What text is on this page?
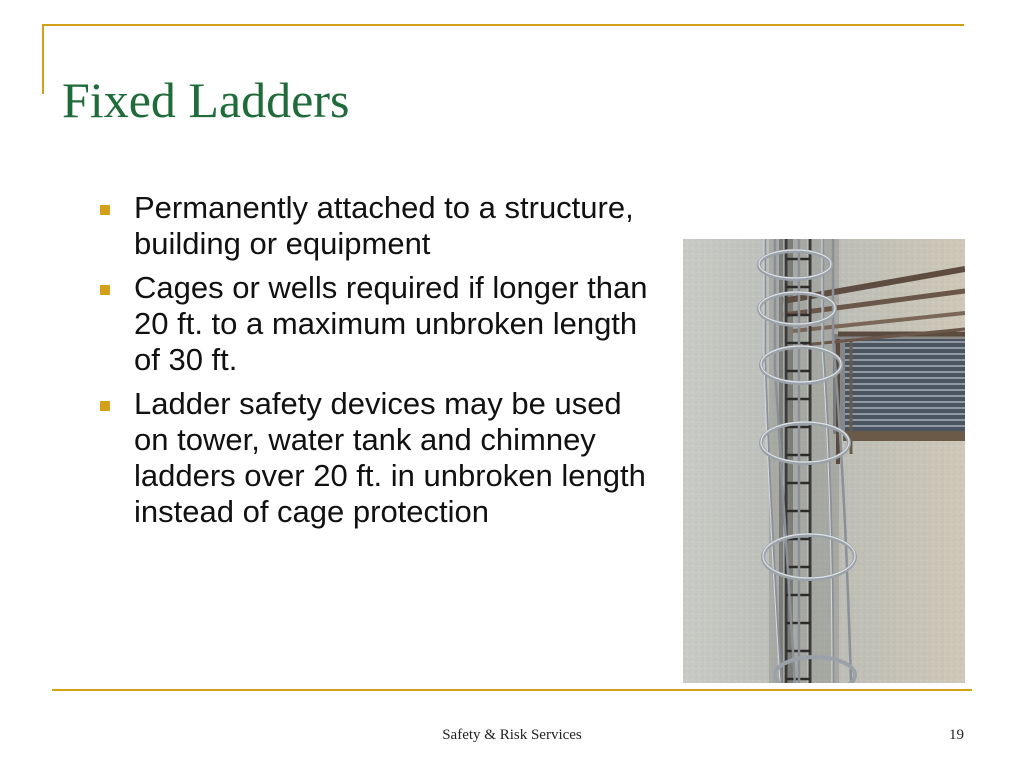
Fixed Ladders
Permanently attached to a structure, building or equipment
Cages or wells required if longer than 20 ft. to a maximum unbroken length of 30 ft.
Ladder safety devices may be used on tower, water tank and chimney ladders over 20 ft. in unbroken length instead of cage protection
Safety & Risk Services	19
